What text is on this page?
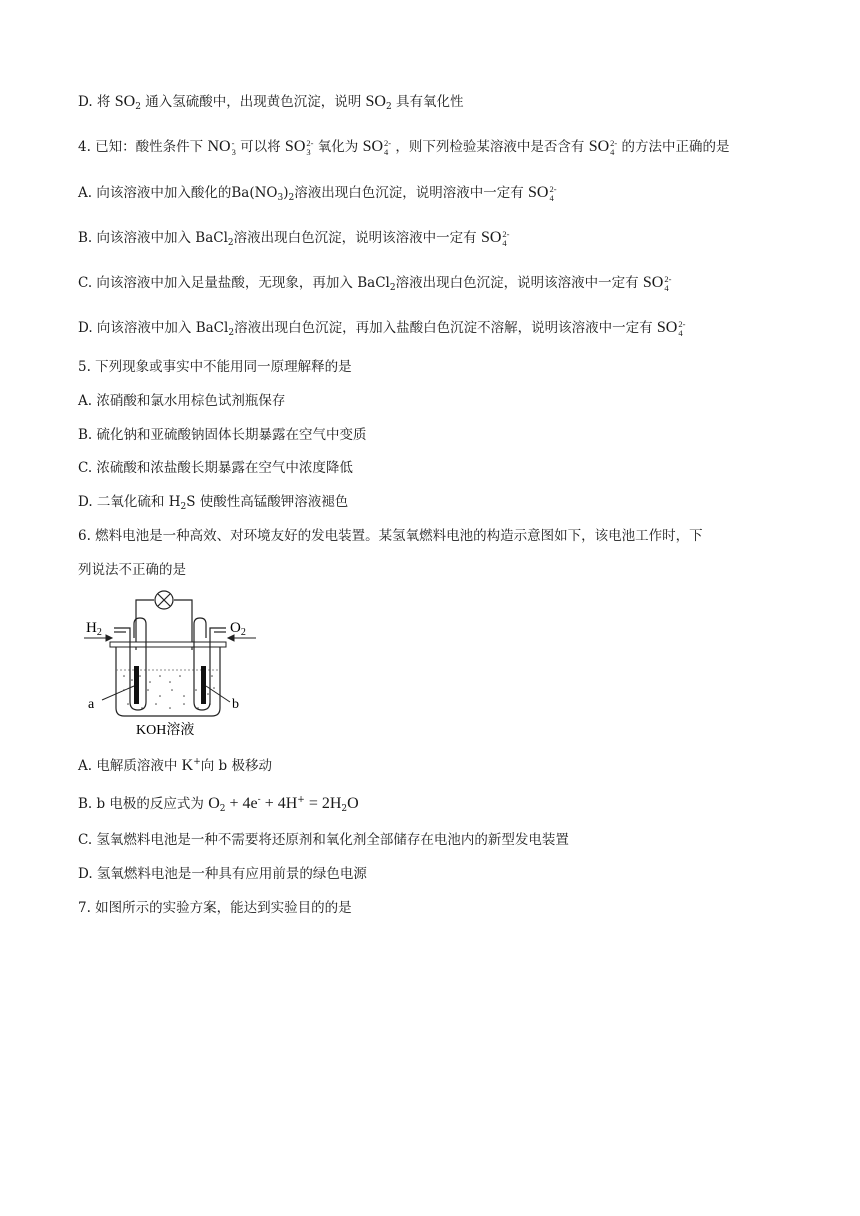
D. 将 $SO_2$ 通入氢硫酸中，出现黄色沉淀，说明 $SO_2$ 具有氧化性
4. 已知：酸性条件下 NO -
3 可以将 SO 2-
3 氧化为 SO 2-
4 ，则下列检验某溶液中是否含有 SO 2-
4 的方法中正确的是
A. 向该溶液中加入酸化的$Ba(NO_3)_2$溶液出现白色沉淀，说明溶液中一定有 SO 2-
4
B. 向该溶液中加入 BaCl$_2$溶液出现白色沉淀，说明该溶液中一定有 SO 2-
4
C. 向该溶液中加入足量盐酸，无现象，再加入 BaCl$_2$溶液出现白色沉淀，说明该溶液中一定有 SO 2-
4
D. 向该溶液中加入 BaCl$_2$溶液出现白色沉淀，再加入盐酸白色沉淀不溶解，说明该溶液中一定有 SO 2-
4
5. 下列现象或事实中不能用同一原理解释的是
A. 浓硝酸和氯水用棕色试剂瓶保存
B. 硫化钠和亚硫酸钠固体长期暴露在空气中变质
C. 浓硫酸和浓盐酸长期暴露在空气中浓度降低
D. 二氧化硫和 $H_2S$ 使酸性高锰酸钾溶液褪色
6. 燃料电池是一种高效、对环境友好的发电装置。某氢氧燃料电池的构造示意图如下，该电池工作时，下
列说法不正确的是
$H_2$	$O_2$
a	b
KOH溶液
A. 电解质溶液中 K+向 b 极移动
B. b 电极的反应式为 $O_2 + 4e^- + 4H^+ = 2H_2O$
C. 氢氧燃料电池是一种不需要将还原剂和氧化剂全部储存在电池内的新型发电装置
D. 氢氧燃料电池是一种具有应用前景的绿色电源
7. 如图所示的实验方案，能达到实验目的的是
